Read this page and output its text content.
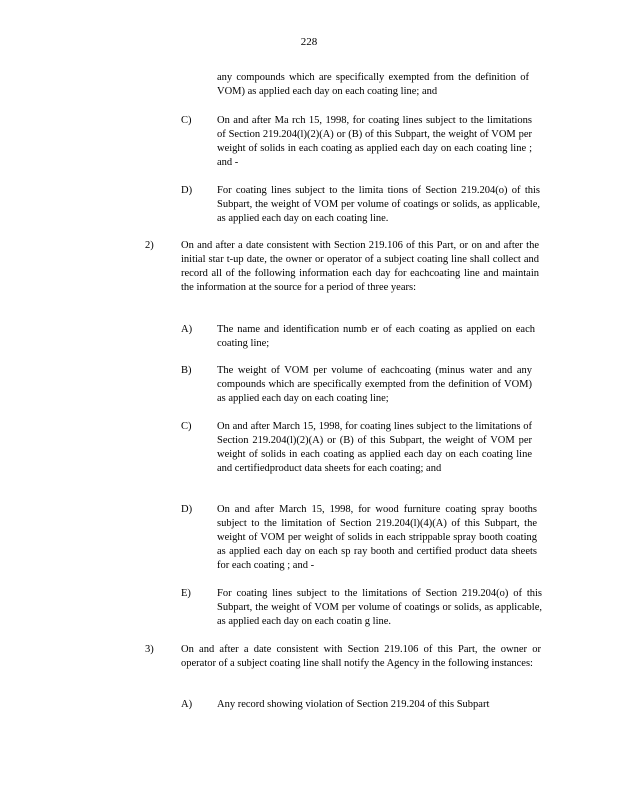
228
any compounds which are specifically exempted from the definition of VOM) as applied each day on each coating line; and
C) On and after Ma rch 15, 1998, for coating lines subject to the limitations of Section 219.204(l)(2)(A) or (B) of this Subpart, the weight of VOM per weight of solids in each coating as applied each day on each coating line ; and -
D) For coating lines subject to the limita tions of Section 219.204(o) of this Subpart, the weight of VOM per volume of coatings or solids, as applicable, as applied each day on each coating line.
2)	On and after a date consistent with Section 219.106 of this Part, or on and after the initial star t-up date, the owner or operator of a subject coating line shall collect and record all of the following information each day for eachcoating line and maintain the information at the source for a period of three years:
A) The name and identification numb er of each coating as applied on each coating line;
B) The weight of VOM per volume of eachcoating (minus water and any compounds which are specifically exempted from the definition of VOM) as applied each day on each coating line;
C) On and after March 15, 1998, for coating lines subject to the limitations of Section 219.204(l)(2)(A) or (B) of this Subpart, the weight of VOM per weight of solids in each coating as applied each day on each coating line and certifiedproduct data sheets for each coating; and
D) On and after March 15, 1998, for wood furniture coating spray booths subject to the limitation of Section 219.204(l)(4)(A) of this Subpart, the weight of VOM per weight of solids in each strippable spray booth coating as applied each day on each sp ray booth and certified product data sheets for each coating ; and -
E) For coating lines subject to the limitations of Section 219.204(o) of this Subpart, the weight of VOM per volume of coatings or solids, as applicable, as applied each day on each coatin g line.
3)	On and after a date consistent with Section 219.106 of this Part, the owner or operator of a subject coating line shall notify the Agency in the following instances:
A) Any record showing violation of Section 219.204 of this Subpart
